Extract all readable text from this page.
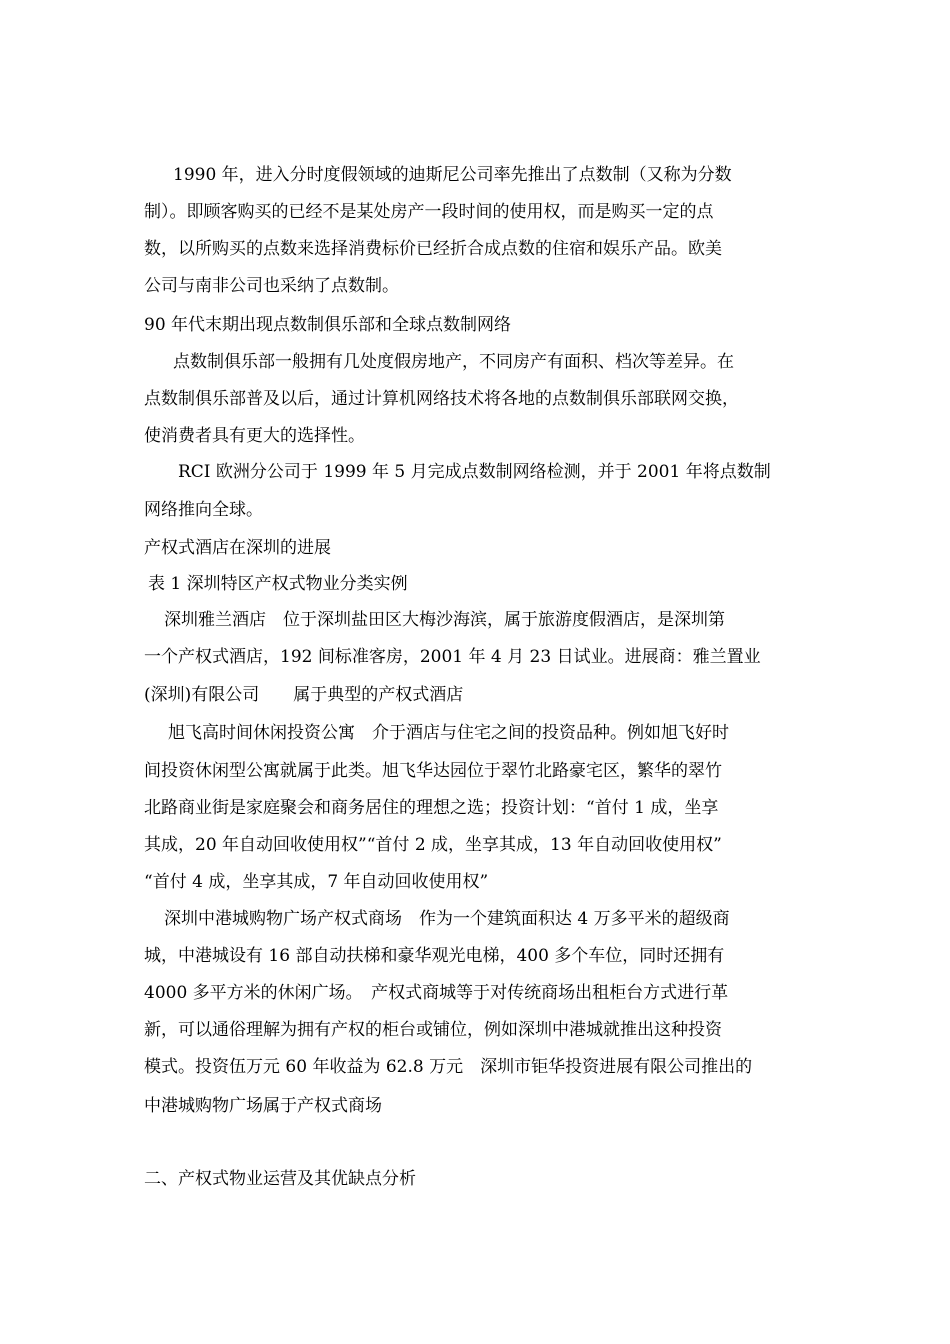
1990 年，进入分时度假领域的迪斯尼公司率先推出了点数制（又称为分数

制）。即顾客购买的已经不是某处房产一段时间的使用权，而是购买一定的点

数，以所购买的点数来选择消费标价已经折合成点数的住宿和娱乐产品。欧美

公司与南非公司也采纳了点数制。

90 年代末期出现点数制俱乐部和全球点数制网络

点数制俱乐部一般拥有几处度假房地产，不同房产有面积、档次等差异。在

点数制俱乐部普及以后，通过计算机网络技术将各地的点数制俱乐部联网交换，

使消费者具有更大的选择性。

RCI 欧洲分公司于 1999 年 5 月完成点数制网络检测，并于 2001 年将点数制

网络推向全球。

产权式酒店在深圳的进展

表 1 深圳特区产权式物业分类实例

深圳雅兰酒店　位于深圳盐田区大梅沙海滨，属于旅游度假酒店，是深圳第

一个产权式酒店，192 间标准客房，2001 年 4 月 23 日试业。进展商：雅兰置业

(深圳)有限公司　　属于典型的产权式酒店

旭飞高时间休闲投资公寓　介于酒店与住宅之间的投资品种。例如旭飞好时

间投资休闲型公寓就属于此类。旭飞华达园位于翠竹北路豪宅区，繁华的翠竹

北路商业街是家庭聚会和商务居住的理想之选；投资计划：“首付 1 成，坐享

其成，20 年自动回收使用权”“首付 2 成，坐享其成，13 年自动回收使用权”

“首付 4 成，坐享其成，7 年自动回收使用权”

深圳中港城购物广场产权式商场　作为一个建筑面积达 4 万多平米的超级商

城，中港城设有 16 部自动扶梯和豪华观光电梯，400 多个车位，同时还拥有

4000 多平方米的休闲广场。　产权式商城等于对传统商场出租柜台方式进行革

新，可以通俗理解为拥有产权的柜台或铺位，例如深圳中港城就推出这种投资

模式。投资伍万元 60 年收益为 62.8 万元　深圳市钜华投资进展有限公司推出的

中港城购物广场属于产权式商场

二、产权式物业运营及其优缺点分析
